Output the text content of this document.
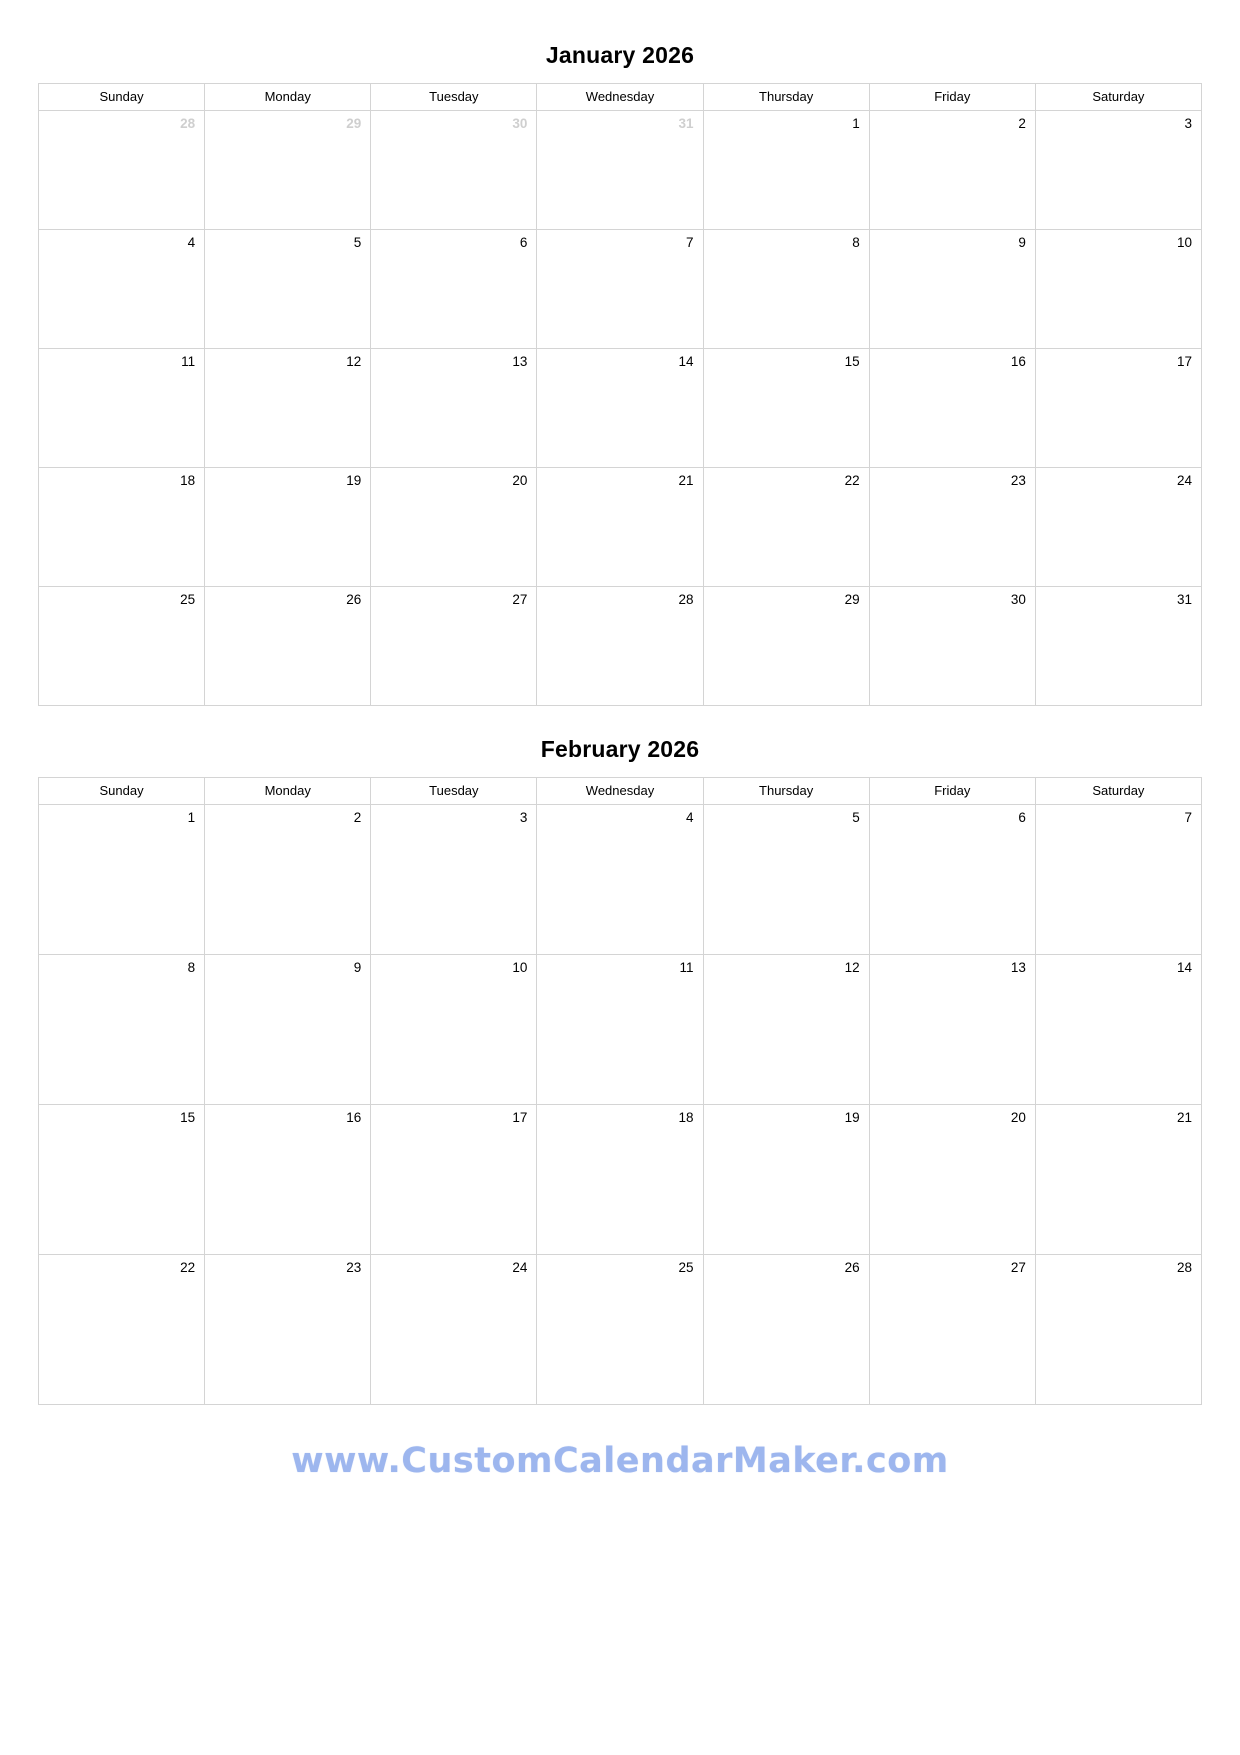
January 2026
Sunday	Monday	Tuesday	Wednesday	Thursday	Friday	Saturday

28	29	30	31	1	2	3

4	5	6	7	8	9	10

11	12	13	14	15	16	17

18	19	20	21	22	23	24

25	26	27	28	29	30	31
February 2026
Sunday	Monday	Tuesday	Wednesday	Thursday	Friday	Saturday

1	2	3	4	5	6	7

8	9	10	11	12	13	14

15	16	17	18	19	20	21

22	23	24	25	26	27	28
www.CustomCalendarMaker.com
